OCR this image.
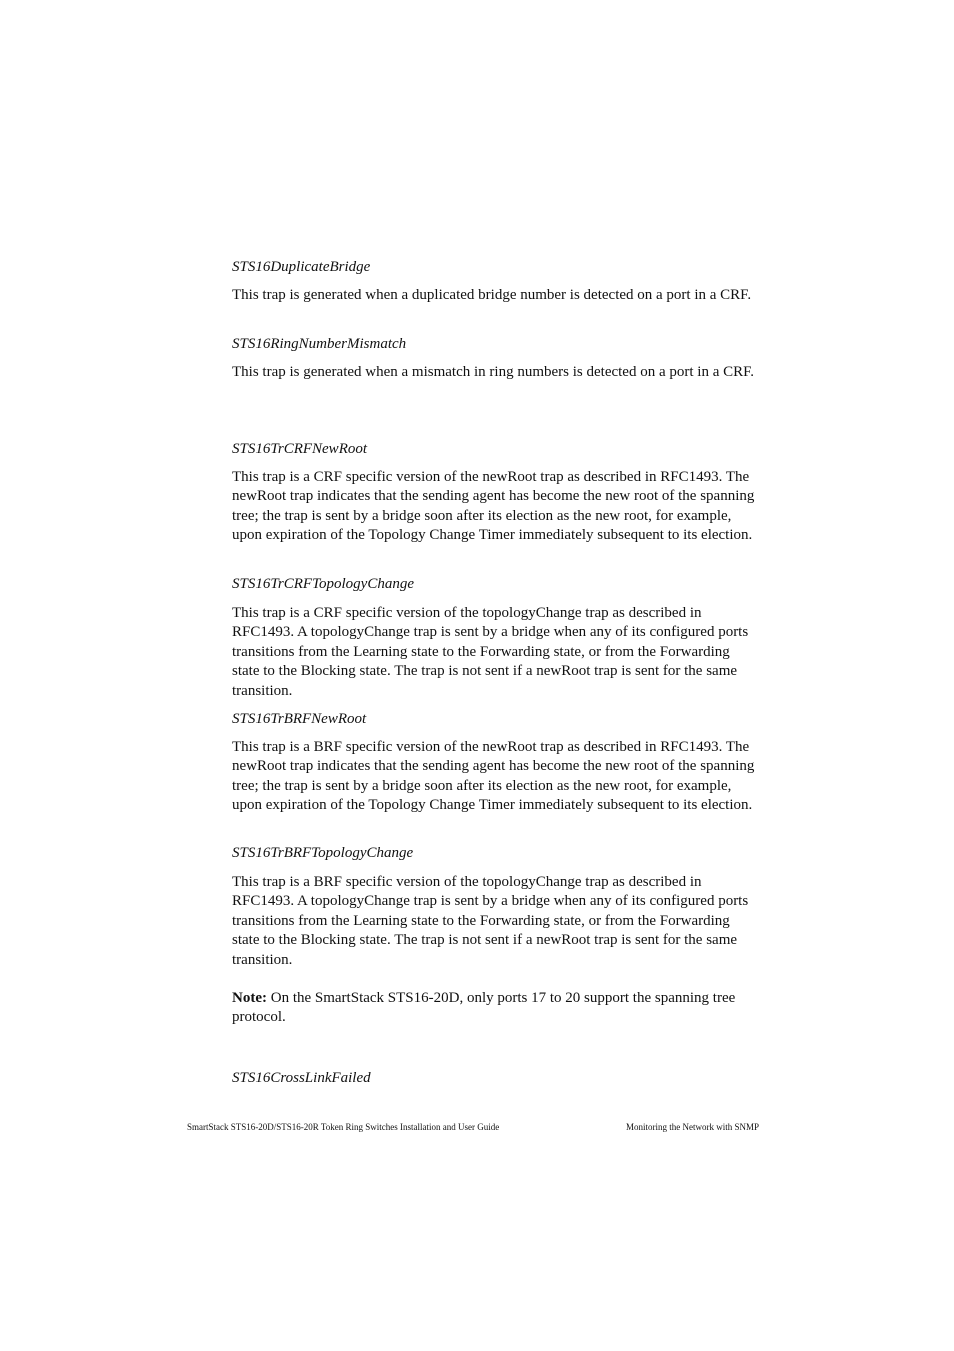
STS16DuplicateBridge

This trap is generated when a duplicated bridge number is detected on a port in a CRF.

STS16RingNumberMismatch

This trap is generated when a mismatch in ring numbers is detected on a port in a CRF.

STS16TrCRFNewRoot

This trap is a CRF specific version of the newRoot trap as described in RFC1493. The newRoot trap indicates that the sending agent has become the new root of the spanning tree; the trap is sent by a bridge soon after its election as the new root, for example, upon expiration of the Topology Change Timer immediately subsequent to its election.

STS16TrCRFTopologyChange

This trap is a CRF specific version of the topologyChange trap as described in RFC1493. A topologyChange trap is sent by a bridge when any of its configured ports transitions from the Learning state to the Forwarding state, or from the Forwarding state to the Blocking state. The trap is not sent if a newRoot trap is sent for the same transition.

STS16TrBRFNewRoot

This trap is a BRF specific version of the newRoot trap as described in RFC1493. The newRoot trap indicates that the sending agent has become the new root of the spanning tree; the trap is sent by a bridge soon after its election as the new root, for example, upon expiration of the Topology Change Timer immediately subsequent to its election.

STS16TrBRFTopologyChange

This trap is a BRF specific version of the topologyChange trap as described in RFC1493. A topologyChange trap is sent by a bridge when any of its configured ports transitions from the Learning state to the Forwarding state, or from the Forwarding state to the Blocking state. The trap is not sent if a newRoot trap is sent for the same transition.

Note: On the SmartStack STS16-20D, only ports 17 to 20 support the spanning tree protocol.

STS16CrossLinkFailed

SmartStack STS16-20D/STS16-20R Token Ring Switches Installation and User Guide	Monitoring the Network with SNMP
